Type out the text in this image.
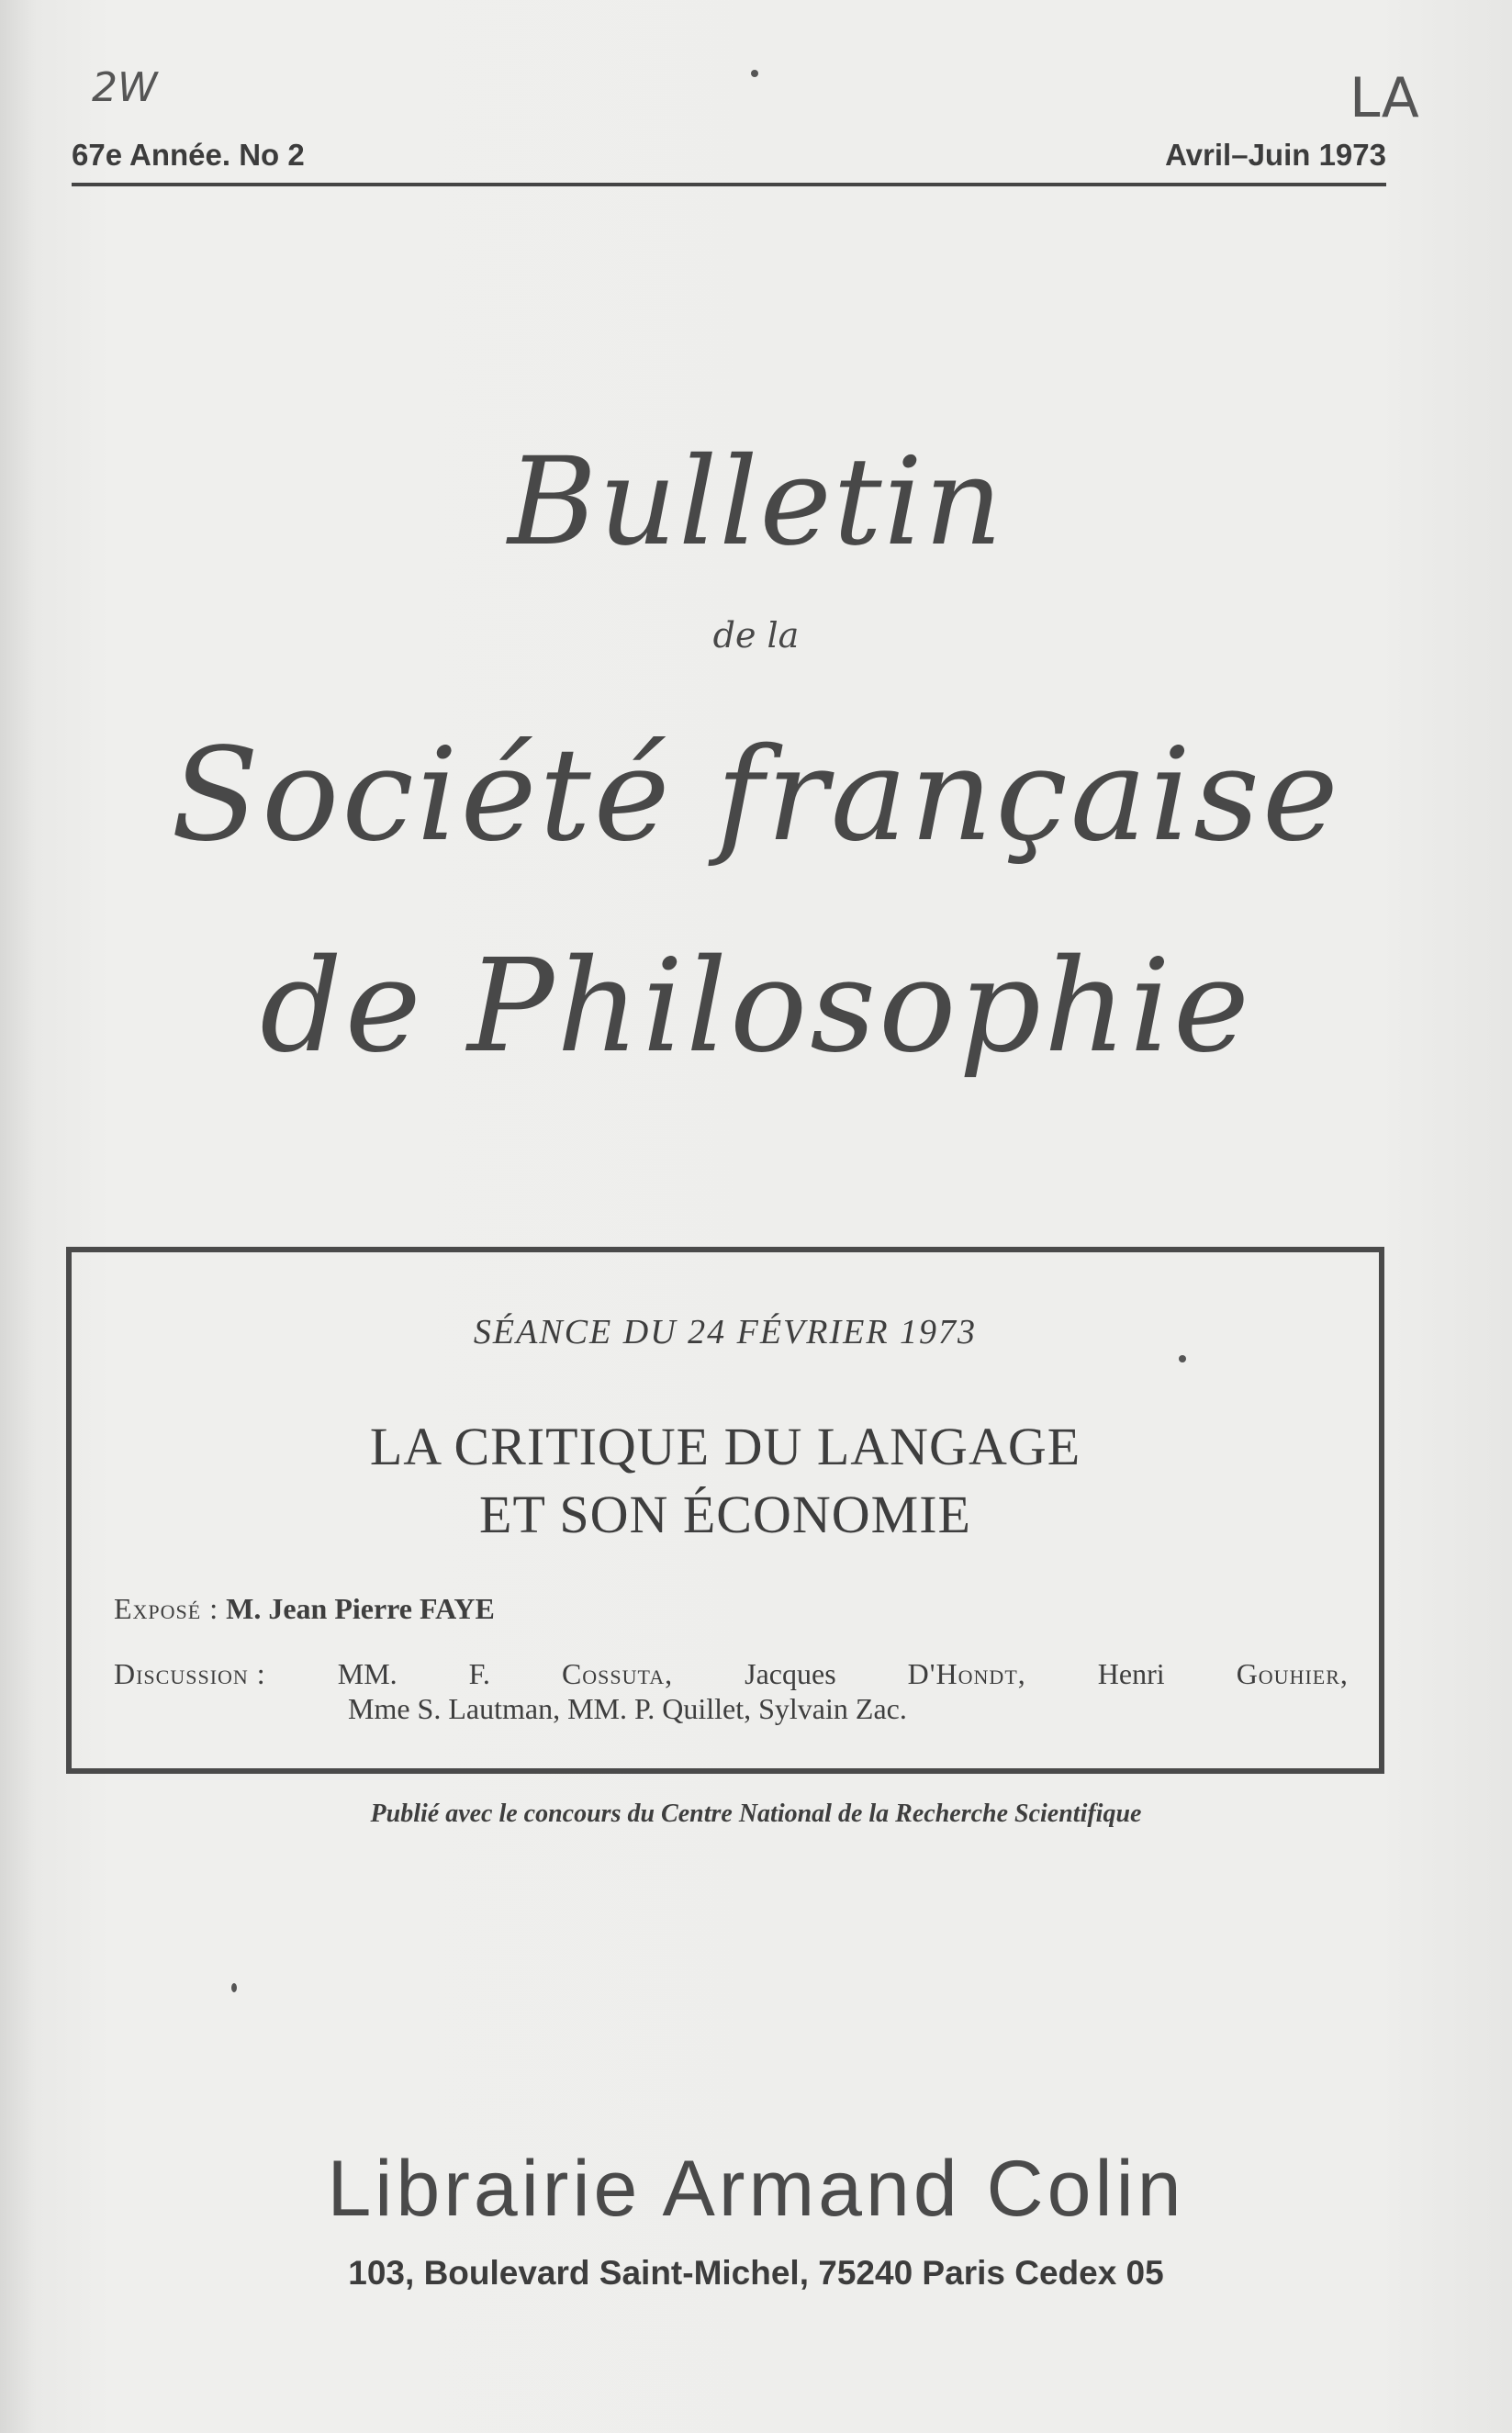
2W	LA
67e Année. No 2	Avril–Juin 1973
Bulletin
de la
Société française
de Philosophie
SÉANCE DU 24 FÉVRIER 1973
LA CRITIQUE DU LANGAGE
ET SON ÉCONOMIE
Exposé : M. Jean Pierre FAYE
Discussion : MM. F. Cossuta, Jacques D'Hondt, Henri Gouhier,
Mme S. Lautman, MM. P. Quillet, Sylvain Zac.
Publié avec le concours du Centre National de la Recherche Scientifique
Librairie Armand Colin
103, Boulevard Saint-Michel, 75240 Paris Cedex 05
